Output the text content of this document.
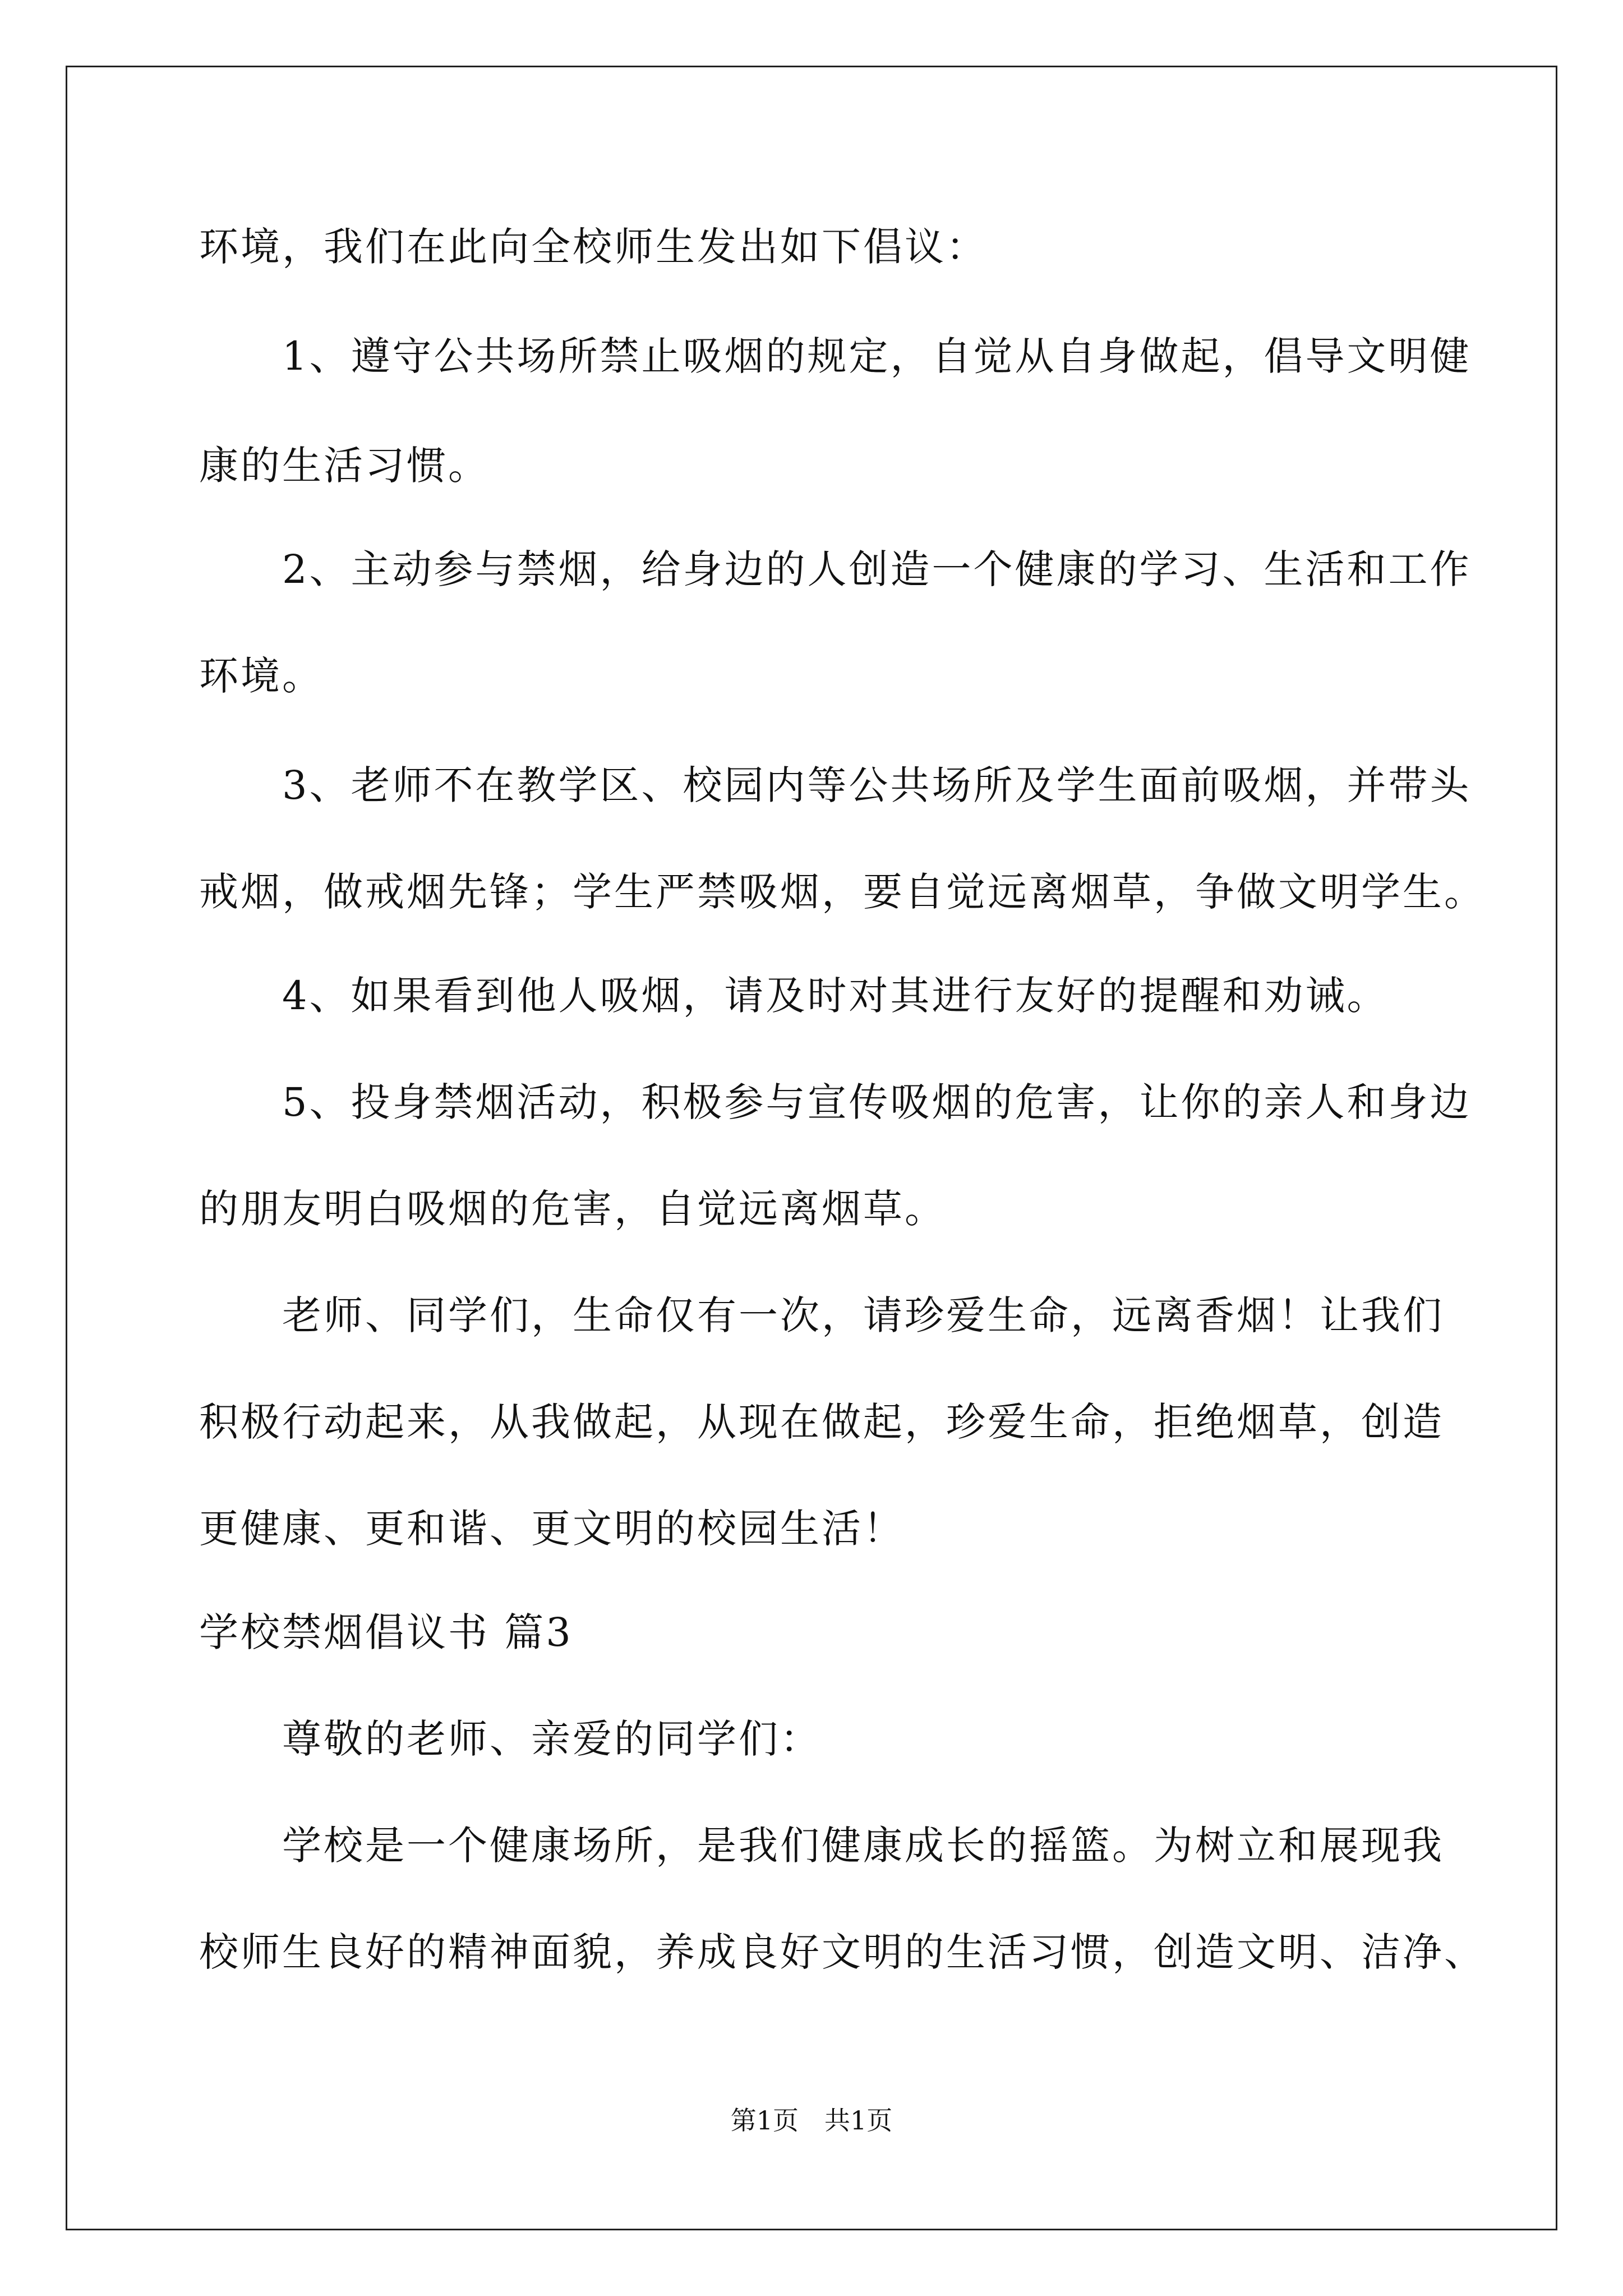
环境，我们在此向全校师生发出如下倡议：
　　1、遵守公共场所禁止吸烟的规定，自觉从自身做起，倡导文明健
康的生活习惯。
　　2、主动参与禁烟，给身边的人创造一个健康的学习、生活和工作
环境。
　　3、老师不在教学区、校园内等公共场所及学生面前吸烟，并带头
戒烟，做戒烟先锋；学生严禁吸烟，要自觉远离烟草，争做文明学生。
　　4、如果看到他人吸烟，请及时对其进行友好的提醒和劝诫。
　　5、投身禁烟活动，积极参与宣传吸烟的危害，让你的亲人和身边
的朋友明白吸烟的危害，自觉远离烟草。
　　老师、同学们，生命仅有一次，请珍爱生命，远离香烟！让我们
积极行动起来，从我做起，从现在做起，珍爱生命，拒绝烟草，创造
更健康、更和谐、更文明的校园生活！
学校禁烟倡议书 篇3
　　尊敬的老师、亲爱的同学们：
　　学校是一个健康场所，是我们健康成长的摇篮。为树立和展现我
校师生良好的精神面貌，养成良好文明的生活习惯，创造文明、洁净、
第1页　共1页
